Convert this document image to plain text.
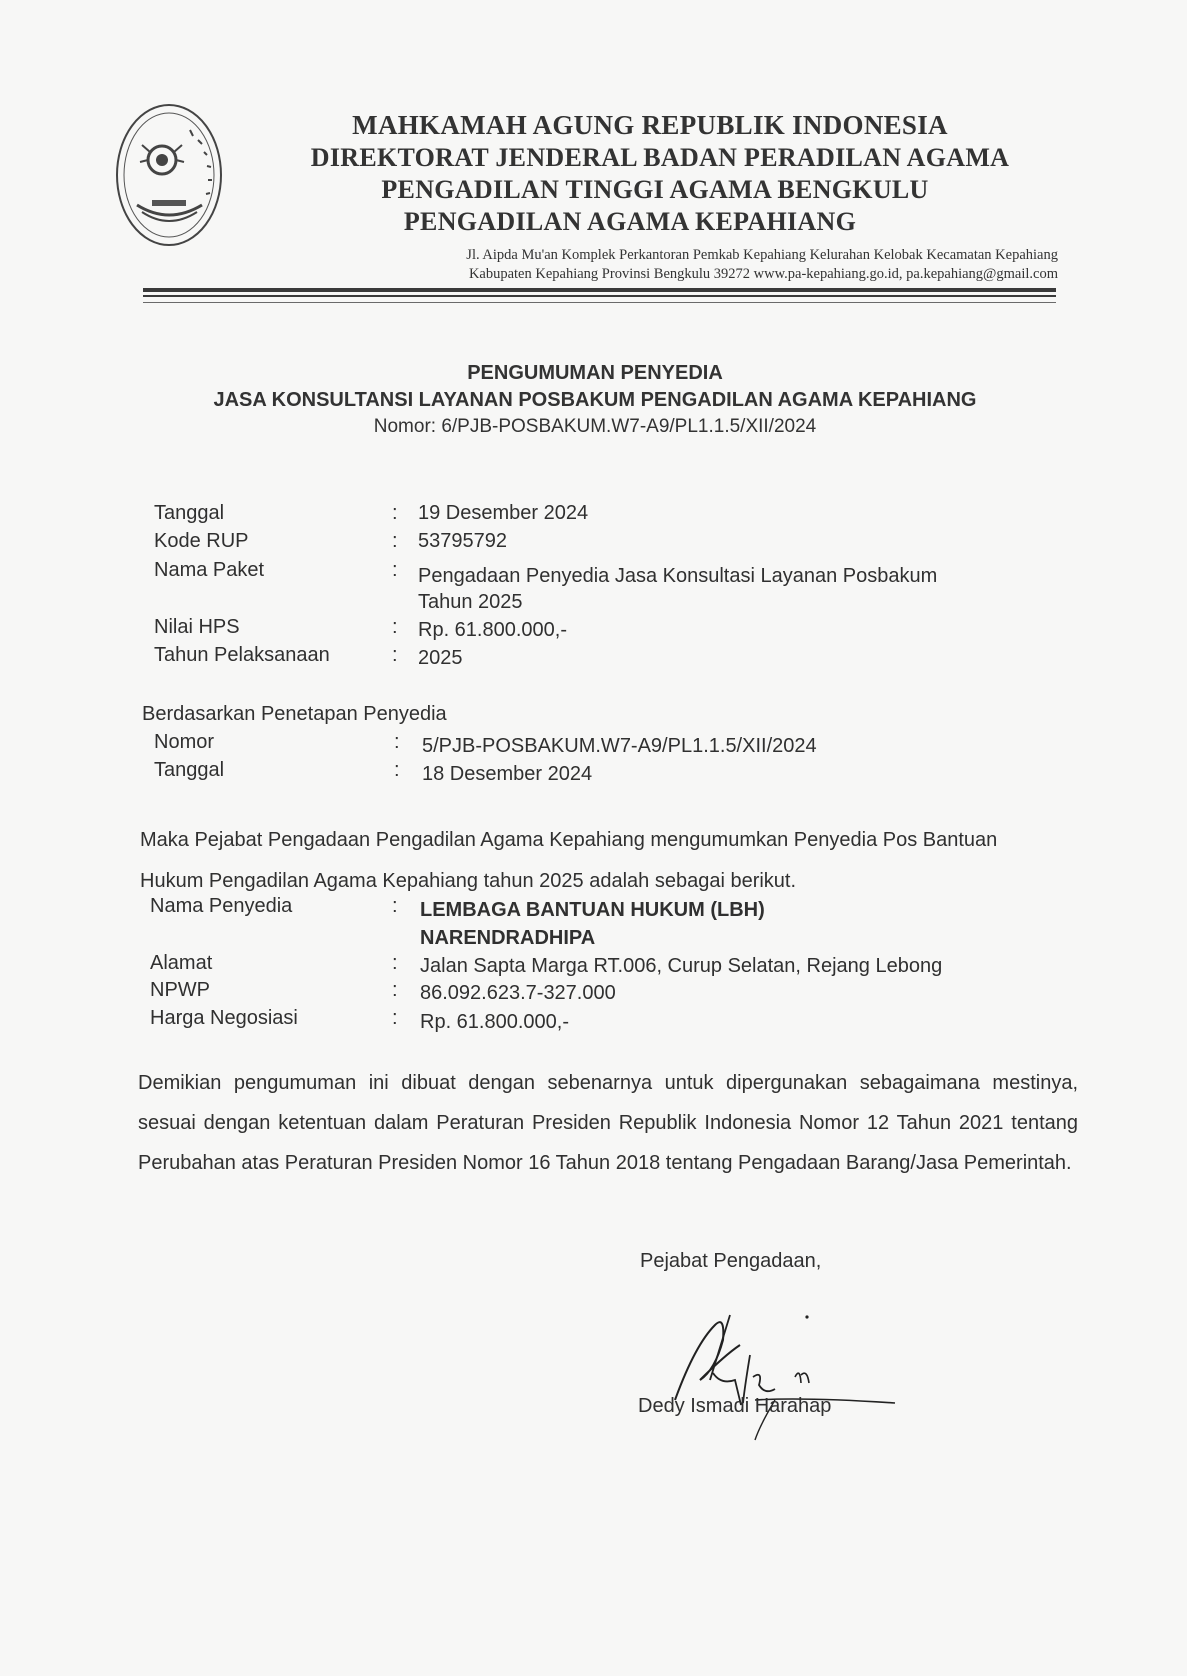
MAHKAMAH AGUNG REPUBLIK INDONESIA
DIREKTORAT JENDERAL BADAN PERADILAN AGAMA
PENGADILAN TINGGI AGAMA BENGKULU
PENGADILAN AGAMA KEPAHIANG
Jl. Aipda Mu'an Komplek Perkantoran Pemkab Kepahiang Kelurahan Kelobak Kecamatan Kepahiang
Kabupaten Kepahiang Provinsi Bengkulu 39272 www.pa-kepahiang.go.id, pa.kepahiang@gmail.com
PENGUMUMAN PENYEDIA
JASA KONSULTANSI LAYANAN POSBAKUM PENGADILAN AGAMA KEPAHIANG
Nomor: 6/PJB-POSBAKUM.W7-A9/PL1.1.5/XII/2024
Tanggal	: 19 Desember 2024
Kode RUP	: 53795792
Nama Paket	: Pengadaan Penyedia Jasa Konsultasi Layanan Posbakum
Tahun 2025
Nilai HPS	: Rp. 61.800.000,-
Tahun Pelaksanaan	: 2025
Berdasarkan Penetapan Penyedia
Nomor	: 5/PJB-POSBAKUM.W7-A9/PL1.1.5/XII/2024
Tanggal	: 18 Desember 2024
Maka Pejabat Pengadaan Pengadilan Agama Kepahiang mengumumkan Penyedia Pos Bantuan
Hukum Pengadilan Agama Kepahiang tahun 2025 adalah sebagai berikut.
Nama Penyedia	: LEMBAGA BANTUAN HUKUM (LBH)
NARENDRADHIPA
Alamat	: Jalan Sapta Marga RT.006, Curup Selatan, Rejang Lebong
NPWP	: 86.092.623.7-327.000
Harga Negosiasi	: Rp. 61.800.000,-
Demikian pengumuman ini dibuat dengan sebenarnya untuk dipergunakan sebagaimana mestinya, sesuai dengan ketentuan dalam Peraturan Presiden Republik Indonesia Nomor 12 Tahun 2021 tentang Perubahan atas Peraturan Presiden Nomor 16 Tahun 2018 tentang Pengadaan Barang/Jasa Pemerintah.
Pejabat Pengadaan,
Dedy Ismadi Harahap
